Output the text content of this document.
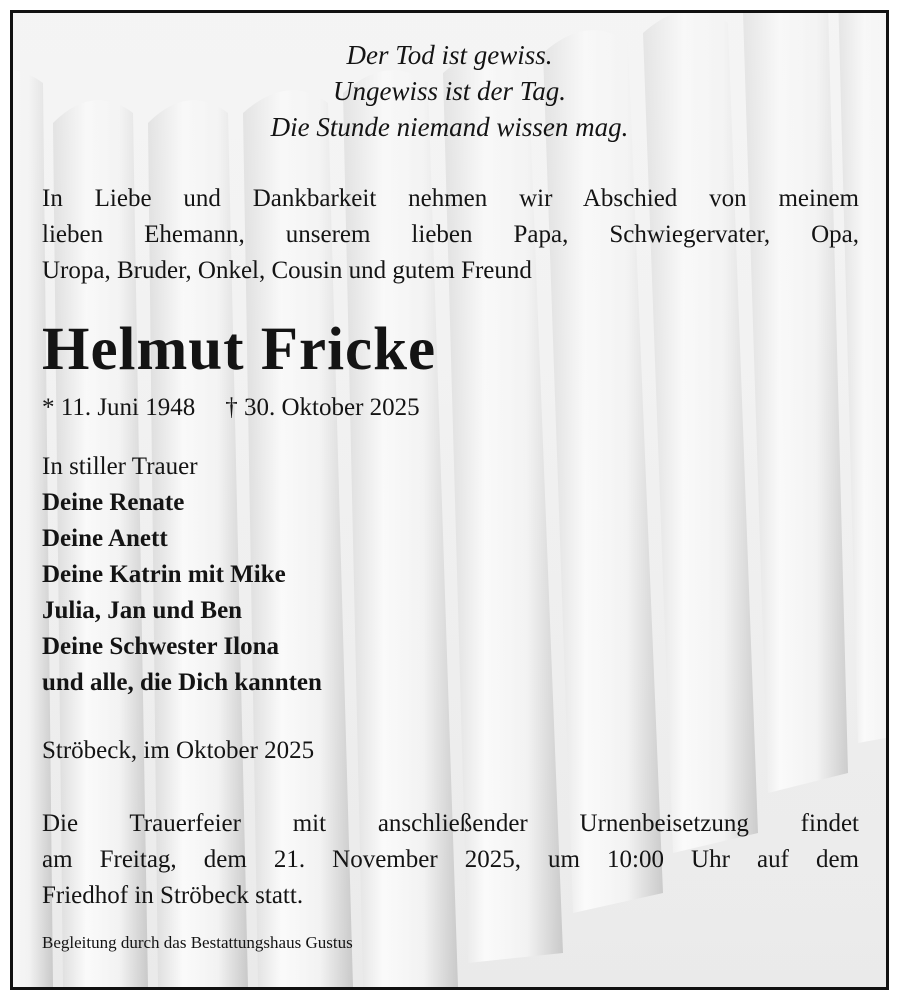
Der Tod ist gewiss.
Ungewiss ist der Tag.
Die Stunde niemand wissen mag.
In Liebe und Dankbarkeit nehmen wir Abschied von meinem
lieben Ehemann, unserem lieben Papa, Schwiegervater, Opa,
Uropa, Bruder, Onkel, Cousin und gutem Freund
Helmut Fricke
* 11. Juni 1948 † 30. Oktober 2025
In stiller Trauer
Deine Renate
Deine Anett
Deine Katrin mit Mike
Julia, Jan und Ben
Deine Schwester Ilona
und alle, die Dich kannten
Ströbeck, im Oktober 2025
Die Trauerfeier mit anschließender Urnenbeisetzung findet
am Freitag, dem 21. November 2025, um 10:00 Uhr auf dem
Friedhof in Ströbeck statt.
Begleitung durch das Bestattungshaus Gustus
